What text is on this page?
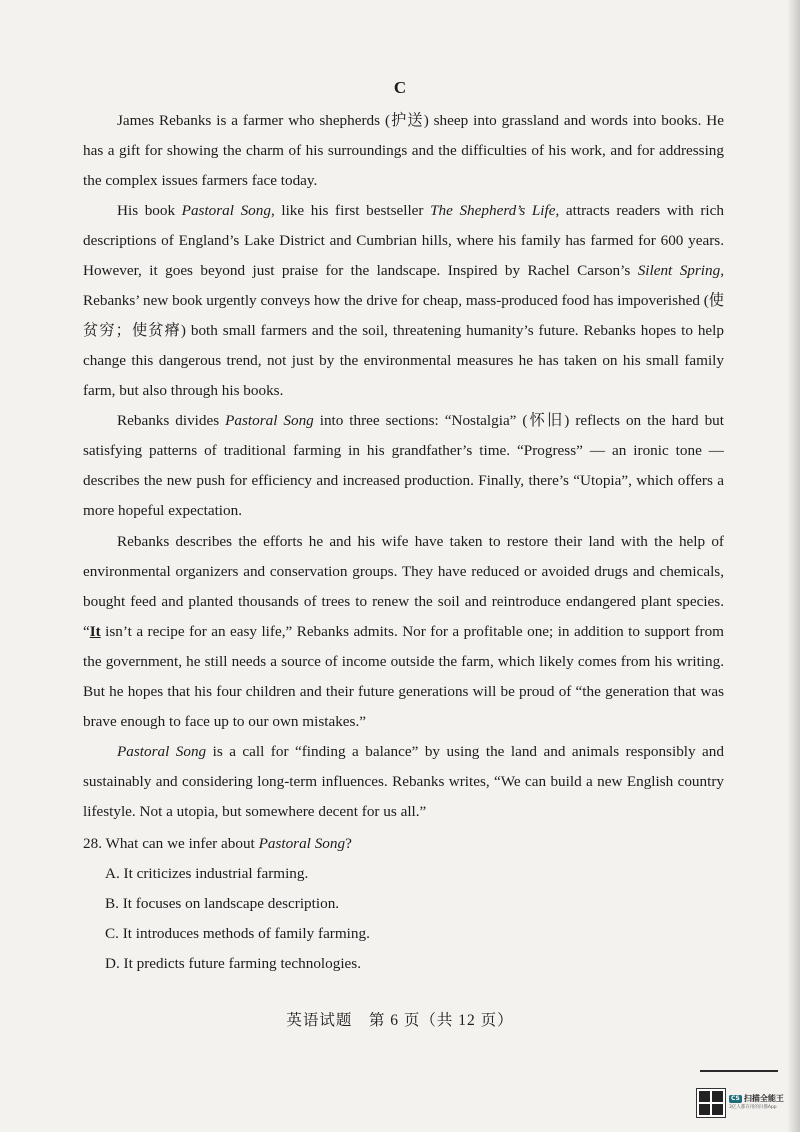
C

James Rebanks is a farmer who shepherds (护送) sheep into grassland and words into books. He has a gift for showing the charm of his surroundings and the difficulties of his work, and for addressing the complex issues farmers face today.

His book Pastoral Song, like his first bestseller The Shepherd’s Life, attracts readers with rich descriptions of England’s Lake District and Cumbrian hills, where his family has farmed for 600 years. However, it goes beyond just praise for the landscape. Inspired by Rachel Carson’s Silent Spring, Rebanks’ new book urgently conveys how the drive for cheap, mass-produced food has impoverished (使贫穷；使贫瘠) both small farmers and the soil, threatening humanity’s future. Rebanks hopes to help change this dangerous trend, not just by the environmental measures he has taken on his small family farm, but also through his books.

Rebanks divides Pastoral Song into three sections: “Nostalgia” (怀旧) reflects on the hard but satisfying patterns of traditional farming in his grandfather’s time. “Progress” — an ironic tone — describes the new push for efficiency and increased production. Finally, there’s “Utopia”, which offers a more hopeful expectation.

Rebanks describes the efforts he and his wife have taken to restore their land with the help of environmental organizers and conservation groups. They have reduced or avoided drugs and chemicals, bought feed and planted thousands of trees to renew the soil and reintroduce endangered plant species. “It isn’t a recipe for an easy life,” Rebanks admits. Nor for a profitable one; in addition to support from the government, he still needs a source of income outside the farm, which likely comes from his writing. But he hopes that his four children and their future generations will be proud of “the generation that was brave enough to face up to our own mistakes.”

Pastoral Song is a call for “finding a balance” by using the land and animals responsibly and sustainably and considering long-term influences. Rebanks writes, “We can build a new English country lifestyle. Not a utopia, but somewhere decent for us all.”

28. What can we infer about Pastoral Song?
A. It criticizes industrial farming.
B. It focuses on landscape description.
C. It introduces methods of family farming.
D. It predicts future farming technologies.
英语试题　第 6 页（共 12 页）
CS 扫描全能王
3亿人都在用的扫描App
